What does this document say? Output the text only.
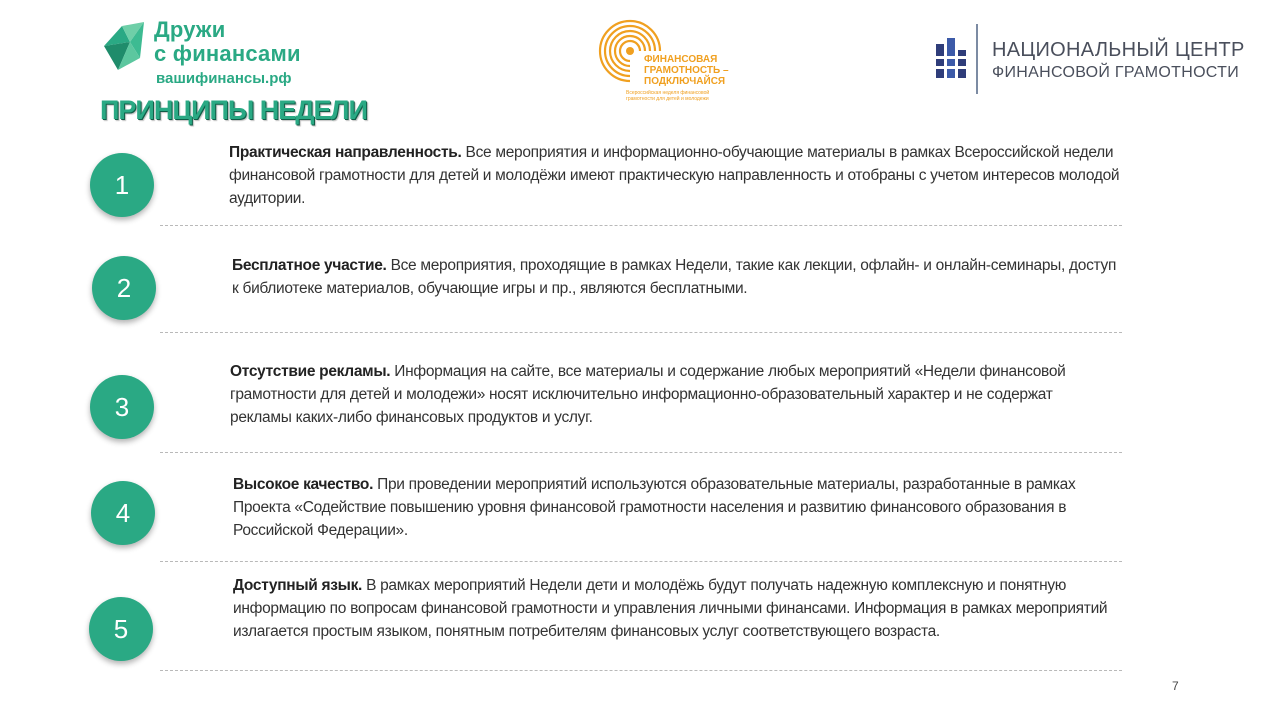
Дружи
с финансами
вашифинансы.рф
ФИНАНСОВАЯ
ГРАМОТНОСТЬ –
ПОДКЛЮЧАЙСЯ
Всероссийская неделя финансовой грамотности для детей и молодежи
НАЦИОНАЛЬНЫЙ ЦЕНТР
ФИНАНСОВОЙ ГРАМОТНОСТИ
ПРИНЦИПЫ НЕДЕЛИ
1
Практическая направленность. Все мероприятия и информационно-обучающие материалы в рамках Всероссийской недели финансовой грамотности для детей и молодёжи имеют практическую направленность и отобраны с учетом интересов молодой аудитории.
2
Бесплатное участие. Все мероприятия, проходящие в рамках Недели, такие как лекции, офлайн- и онлайн-семинары, доступ к библиотеке материалов, обучающие игры и пр., являются бесплатными.
3
Отсутствие рекламы. Информация на сайте, все материалы и содержание любых мероприятий «Недели финансовой грамотности для детей и молодежи» носят исключительно информационно-образовательный характер и не содержат рекламы каких-либо финансовых продуктов и услуг.
4
Высокое качество. При проведении мероприятий используются образовательные материалы, разработанные в рамках Проекта «Содействие повышению уровня финансовой грамотности населения и развитию финансового образования в Российской Федерации».
5
Доступный язык. В рамках мероприятий Недели дети и молодёжь будут получать надежную комплексную и понятную информацию по вопросам финансовой грамотности и управления личными финансами. Информация в рамках мероприятий излагается простым языком, понятным потребителям финансовых услуг соответствующего возраста.
7
